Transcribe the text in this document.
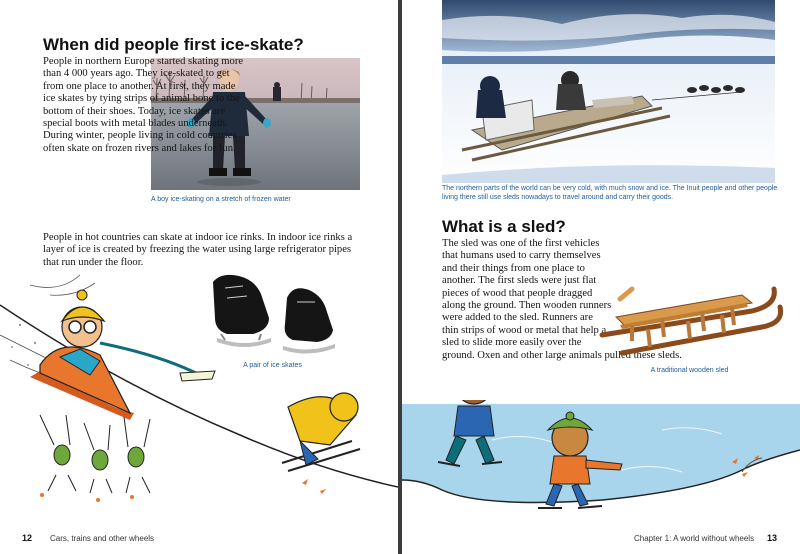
When did people first ice-skate?

A boy ice-skating on a stretch of frozen water

People in northern Europe started skating more than 4 000 years ago. They ice-skated to get from one place to another. At first, they made ice skates by tying strips of animal bone to the bottom of their shoes. Today, ice skates are special boots with metal blades underneath. During winter, people living in cold countries often skate on frozen rivers and lakes for fun.

People in hot countries can skate at indoor ice rinks. In indoor ice rinks a layer of ice is created by freezing the water using large refrigerator pipes that run under the floor.

A pair of ice skates

12 Cars, trains and other wheels

The northern parts of the world can be very cold, with much snow and ice. The Inuit people and other people living there still use sleds nowadays to travel around and carry their goods.

What is a sled?

The sled was one of the first vehicles that humans used to carry themselves and their things from one place to another. The first sleds were just flat pieces of wood that people dragged along the ground. Then wooden runners were added to the sled. Runners are thin strips of wood or metal that help a sled to slide more easily over the ground. Oxen and other large animals pulled these sleds.

A traditional wooden sled

Chapter 1: A world without wheels 13
